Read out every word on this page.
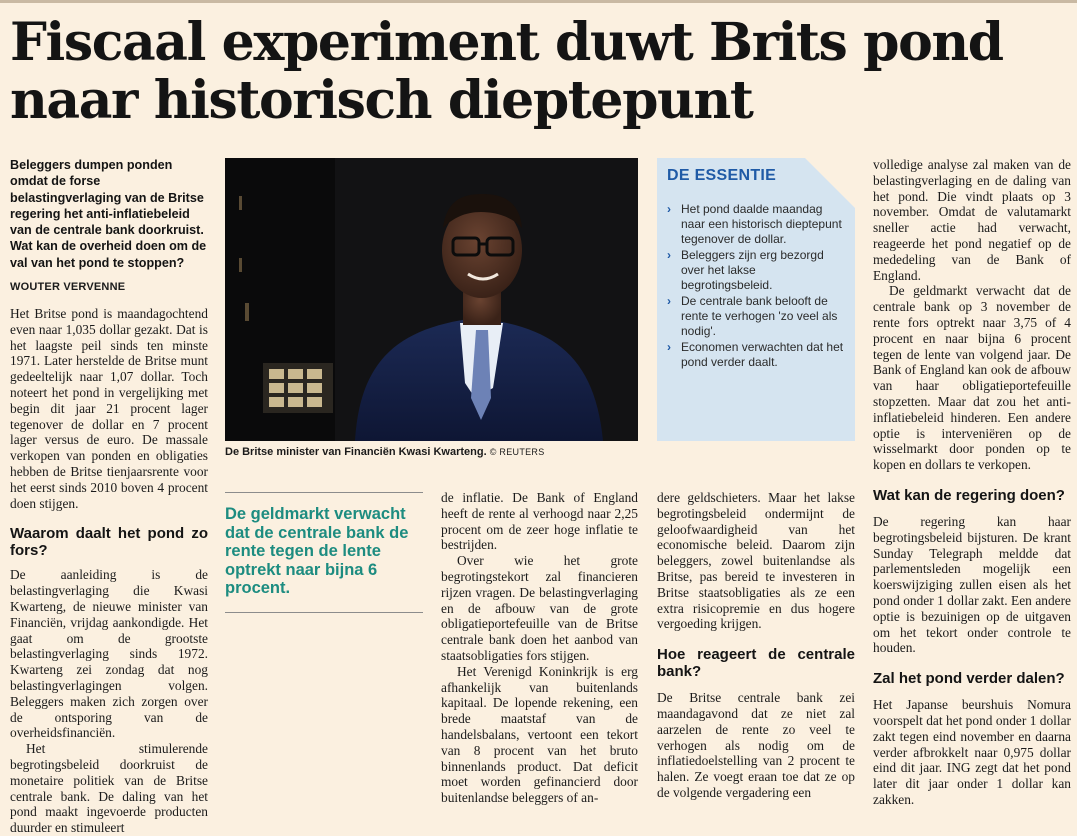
Fiscaal experiment duwt Brits pond naar historisch dieptepunt
Beleggers dumpen ponden omdat de forse belastingverlaging van de Britse regering het anti-inflatiebeleid van de centrale bank doorkruist. Wat kan de overheid doen om de val van het pond te stoppen?
WOUTER VERVENNE

Het Britse pond is maandagochtend even naar 1,035 dollar gezakt. Dat is het laagste peil sinds ten minste 1971. Later herstelde de Britse munt gedeeltelijk naar 1,07 dollar. Toch noteert het pond in vergelijking met begin dit jaar 21 procent lager tegenover de dollar en 7 procent lager versus de euro. De massale verkopen van ponden en obligaties hebben de Britse tienjaarsrente voor het eerst sinds 2010 boven 4 procent doen stijgen.

Waarom daalt het pond zo fors?

De aanleiding is de belastingverlaging die Kwasi Kwarteng, de nieuwe minister van Financiën, vrijdag aankondigde. Het gaat om de grootste belastingverlaging sinds 1972. Kwarteng zei zondag dat nog belastingverlagingen volgen. Beleggers maken zich zorgen over de ontsporing van de overheidsfinanciën.

Het stimulerende begrotingsbeleid doorkruist de monetaire politiek van de Britse centrale bank. De daling van het pond maakt ingevoerde producten duurder en stimuleert

De Britse minister van Financiën Kwasi Kwarteng. © REUTERS
DE ESSENTIE
› Het pond daalde maandag naar een historisch dieptepunt tegenover de dollar.
› Beleggers zijn erg bezorgd over het lakse begrotingsbeleid.
› De centrale bank belooft de rente te verhogen 'zo veel als nodig'.
› Economen verwachten dat het pond verder daalt.
De geldmarkt verwacht dat de centrale bank de rente tegen de lente optrekt naar bijna 6 procent.

de inflatie. De Bank of England heeft de rente al verhoogd naar 2,25 procent om de zeer hoge inflatie te bestrijden.

Over wie het grote begrotingstekort zal financieren rijzen vragen. De belastingverlaging en de afbouw van de grote obligatieportefeuille van de Britse centrale bank doen het aanbod van staatsobligaties fors stijgen.

Het Verenigd Koninkrijk is erg afhankelijk van buitenlands kapitaal. De lopende rekening, een brede maatstaf van de handelsbalans, vertoont een tekort van 8 procent van het bruto binnenlands product. Dat deficit moet worden gefinancierd door buitenlandse beleggers of an-

dere geldschieters. Maar het lakse begrotingsbeleid ondermijnt de geloofwaardigheid van het economische beleid. Daarom zijn beleggers, zowel buitenlandse als Britse, pas bereid te investeren in Britse staatsobligaties als ze een extra risicopremie en dus hogere vergoeding krijgen.

Hoe reageert de centrale bank?

De Britse centrale bank zei maandagavond dat ze niet zal aarzelen de rente zo veel te verhogen als nodig om de inflatiedoelstelling van 2 procent te halen. Ze voegt eraan toe dat ze op de volgende vergadering een

volledige analyse zal maken van de belastingverlaging en de daling van het pond. Die vindt plaats op 3 november. Omdat de valutamarkt sneller actie had verwacht, reageerde het pond negatief op de mededeling van de Bank of England.

De geldmarkt verwacht dat de centrale bank op 3 november de rente fors optrekt naar 3,75 of 4 procent en naar bijna 6 procent tegen de lente van volgend jaar. De Bank of England kan ook de afbouw van haar obligatieportefeuille stopzetten. Maar dat zou het anti-inflatiebeleid hinderen. Een andere optie is interveniëren op de wisselmarkt door ponden op te kopen en dollars te verkopen.

Wat kan de regering doen?

De regering kan haar begrotingsbeleid bijsturen. De krant Sunday Telegraph meldde dat parlementsleden mogelijk een koerswijziging zullen eisen als het pond onder 1 dollar zakt. Een andere optie is bezuinigen op de uitgaven om het tekort onder controle te houden.

Zal het pond verder dalen?

Het Japanse beurshuis Nomura voorspelt dat het pond onder 1 dollar zakt tegen eind november en daarna verder afbrokkelt naar 0,975 dollar eind dit jaar. ING zegt dat het pond later dit jaar onder 1 dollar kan zakken.
